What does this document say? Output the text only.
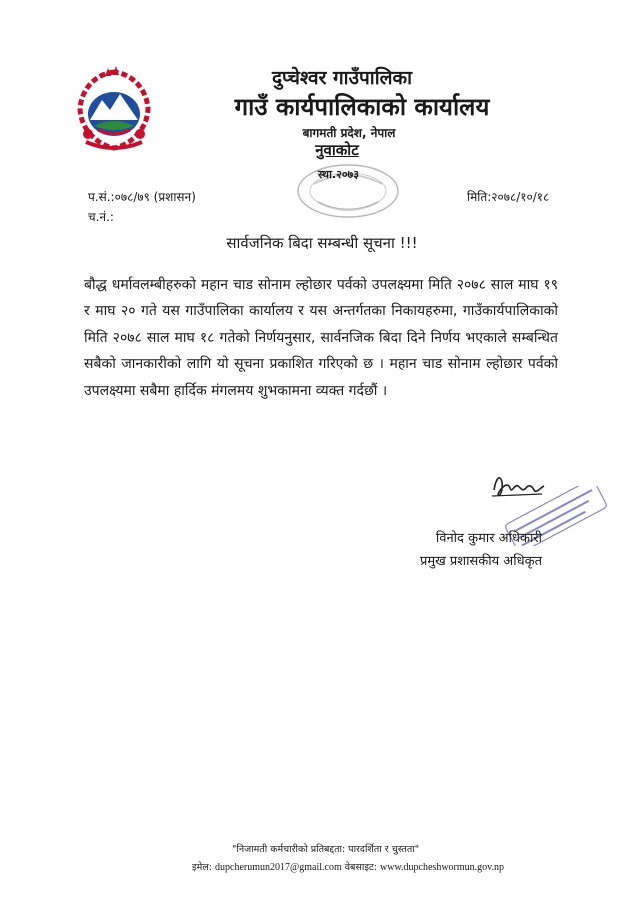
दुप्चेश्वर गाउँपालिका
गाउँ कार्यपालिकाको कार्यालय
बागमती प्रदेश, नेपाल
नुवाकोट
स्था.२०७३
प.सं.:०७८/७९ (प्रशासन)
च.नं.:
मिति:२०७८/१०/१८
सार्वजनिक बिदा सम्बन्धी सूचना !!!
बौद्ध धर्मावलम्बीहरुको महान चाड सोनाम ल्होछार पर्वको उपलक्ष्यमा मिति २०७८ साल माघ १९ र माघ २० गते यस गाउँपालिका कार्यालय र यस अन्तर्गतका निकायहरुमा, गाउँकार्यपालिकाको मिति २०७८ साल माघ १८ गतेको निर्णयनुसार, सार्वनजिक बिदा दिने निर्णय भएकाले सम्बन्धित सबैको जानकारीको लागि यो सूचना प्रकाशित गरिएको छ । महान चाड सोनाम ल्होछार पर्वको उपलक्ष्यमा सबैमा हार्दिक मंगलमय शुभकामना व्यक्त गर्दछौं ।
विनोद कुमार अधिकारी
प्रमुख प्रशासकीय अधिकृत
"निजामती कर्मचारीको प्रतिबद्दता: पारदर्शिता र चुस्तता"
इमेल: dupcherumun2017@gmail.com वेबसाइट: www.dupcheshwormun.gov.np
